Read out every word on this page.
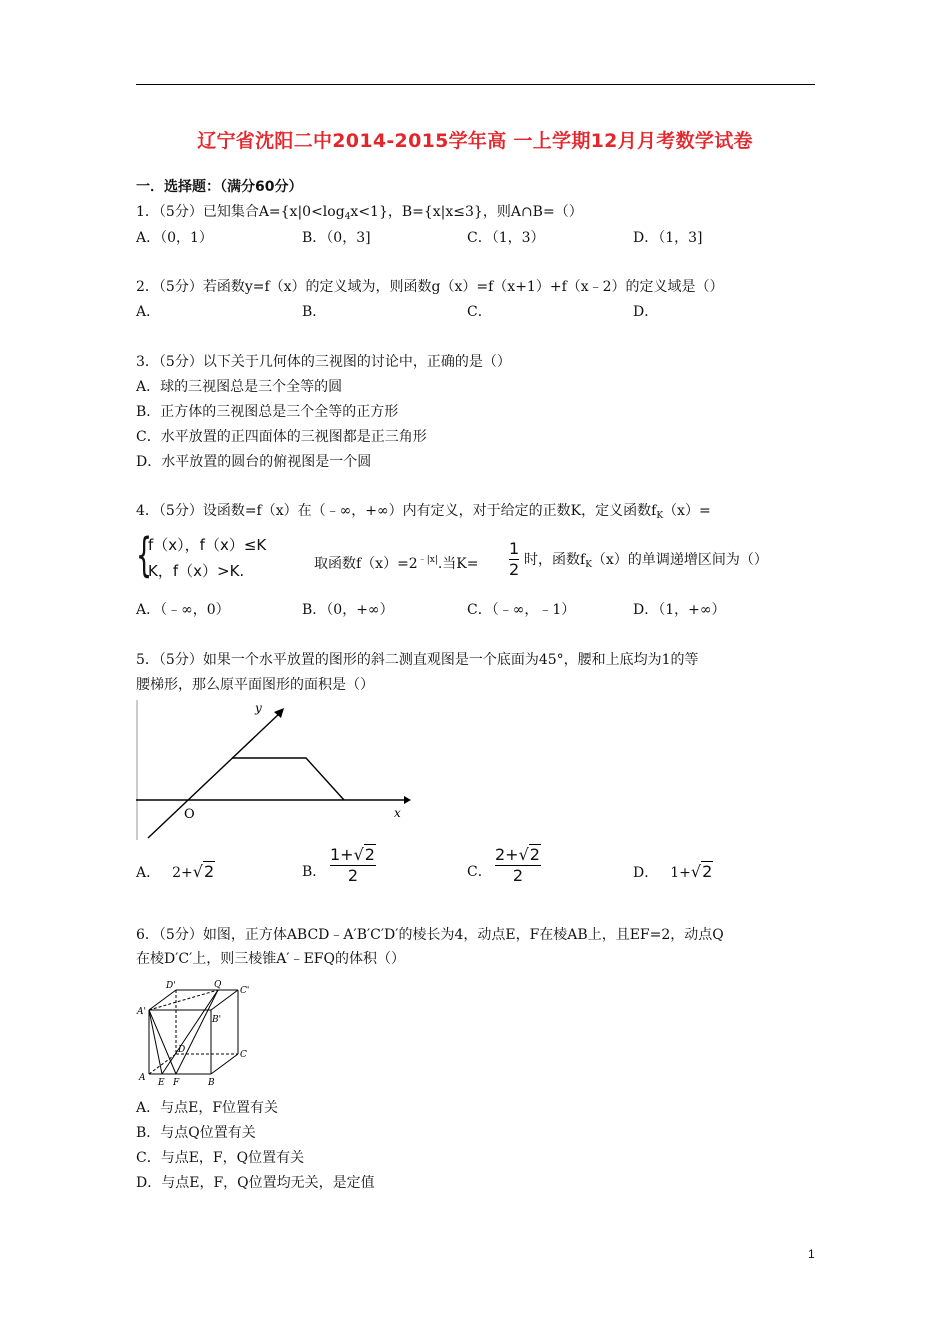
辽宁省沈阳二中2014-2015学年高 一上学期12月月考数学试卷
一．选择题：（满分60分）
1．（5分）已知集合$A=\{x|0<\log_4x<1\}$，B={x|x≤3}，则A∩B=（）
A．（0，1）	B．（0，3]	C．（1，3）	D．（1，3]
2．（5分）若函数y=f（x）的定义域为，则函数g（x）=f（x+1）+f（x﹣2）的定义域是（）
A．	B．	C．	D．
3．（5分）以下关于几何体的三视图的讨论中，正确的是（）
A．球的三视图总是三个全等的圆
B．正方体的三视图总是三个全等的正方形
C．水平放置的正四面体的三视图都是正三角形
D．水平放置的圆台的俯视图是一个圆
4．（5分）设函数=f（x）在（﹣∞，+∞）内有定义，对于给定的正数K，定义函数$f_K(x)=$
{
f（x），f（x）≤K
K，f（x）>K.	取函数$f(x)=2^{﹣|x|}$.当K=
1
2 时，函数$f_K(x)$的单调递增区间为（）
A．（﹣∞，0）	B．（0，+∞）	C．（﹣∞，﹣1）	D．（1，+∞）
5．（5分）如果一个水平放置的图形的斜二测直观图是一个底面为45°，腰和上底均为1的等
腰梯形，那么原平面图形的面积是（）
y
x
O
A． 2+√2	B．
1+√2
2	C．
2+√2
2	D． 1+√2
6．（5分）如图，正方体ABCD﹣A′B′C′D′的棱长为4，动点E，F在棱AB上，且EF=2，动点Q
在棱D′C′上，则三棱锥A′﹣EFQ的体积（）
A'
D'	Q
C'
B'
D	C
A E F	B
A．与点E，F位置有关
B．与点Q位置有关
C．与点E，F，Q位置有关
D．与点E，F，Q位置均无关，是定值
1
